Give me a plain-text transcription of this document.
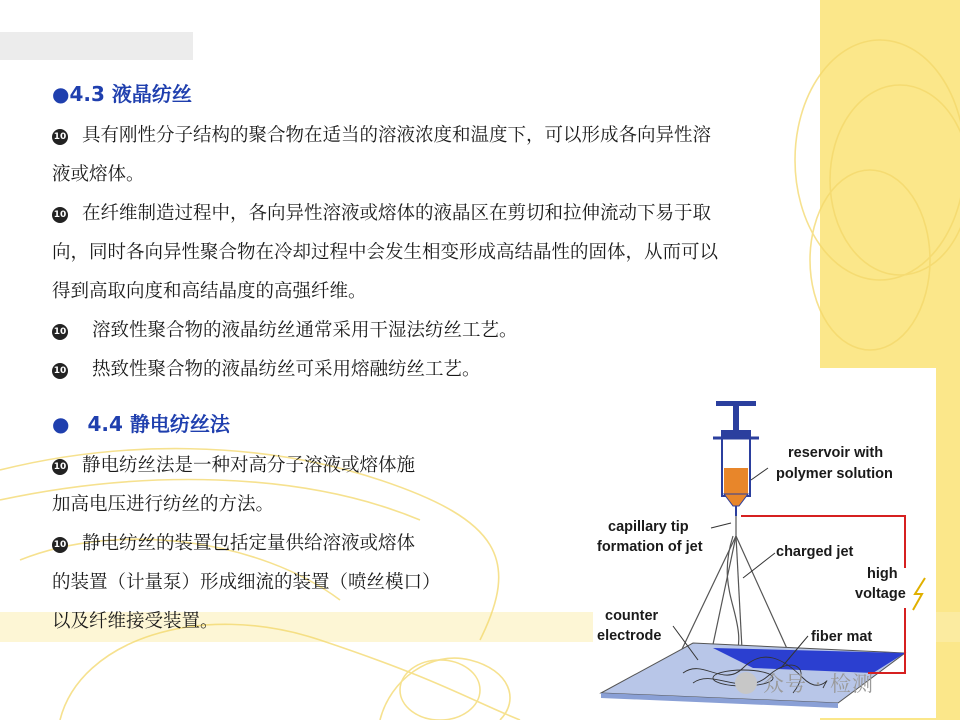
●4.3 液晶纺丝
10 具有刚性分子结构的聚合物在适当的溶液浓度和温度下，可以形成各向异性溶
液或熔体。
10 在纤维制造过程中，各向异性溶液或熔体的液晶区在剪切和拉伸流动下易于取
向，同时各向异性聚合物在冷却过程中会发生相变形成高结晶性的固体，从而可以
得到高取向度和高结晶度的高强纤维。
10 溶致性聚合物的液晶纺丝通常采用干湿法纺丝工艺。
10 热致性聚合物的液晶纺丝可采用熔融纺丝工艺。
● 4.4 静电纺丝法
10 静电纺丝法是一种对高分子溶液或熔体施
加高电压进行纺丝的方法。
10 静电纺丝的装置包括定量供给溶液或熔体
的装置（计量泵）形成细流的装置（喷丝模口）
以及纤维接受装置。
reservoir with
polymer solution
capillary tip
formation of jet	charged jet
high
voltage
counter
electrode	fiber mat
众号 · 检测
